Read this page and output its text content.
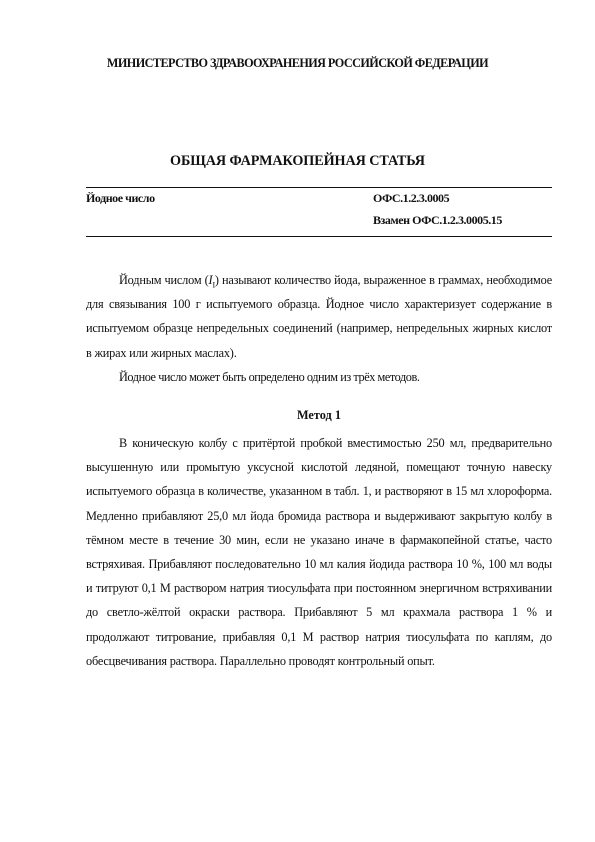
МИНИСТЕРСТВО ЗДРАВООХРАНЕНИЯ РОССИЙСКОЙ ФЕДЕРАЦИИ
ОБЩАЯ ФАРМАКОПЕЙНАЯ СТАТЬЯ
Йодное число	ОФС.1.2.3.0005
Взамен ОФС.1.2.3.0005.15

Йодным числом $(I_I)$ называют количество йода, выраженное в граммах, необходимое для связывания 100 г испытуемого образца. Йодное число характеризует содержание в испытуемом образце непредельных соединений (например, непредельных жирных кислот в жирах или жирных маслах).

Йодное число может быть определено одним из трёх методов.

Метод 1

В коническую колбу с притёртой пробкой вместимостью 250 мл, предварительно высушенную или промытую уксусной кислотой ледяной, помещают точную навеску испытуемого образца в количестве, указанном в табл. 1, и растворяют в 15 мл хлороформа. Медленно прибавляют 25,0 мл йода бромида раствора и выдерживают закрытую колбу в тёмном месте в течение 30 мин, если не указано иначе в фармакопейной статье, часто встряхивая. Прибавляют последовательно 10 мл калия йодида раствора 10 %, 100 мл воды и титруют 0,1 М раствором натрия тиосульфата при постоянном энергичном встряхивании до светло-жёлтой окраски раствора. Прибавляют 5 мл крахмала раствора 1 % и продолжают титрование, прибавляя 0,1 М раствор натрия тиосульфата по каплям, до обесцвечивания раствора. Параллельно проводят контрольный опыт.
